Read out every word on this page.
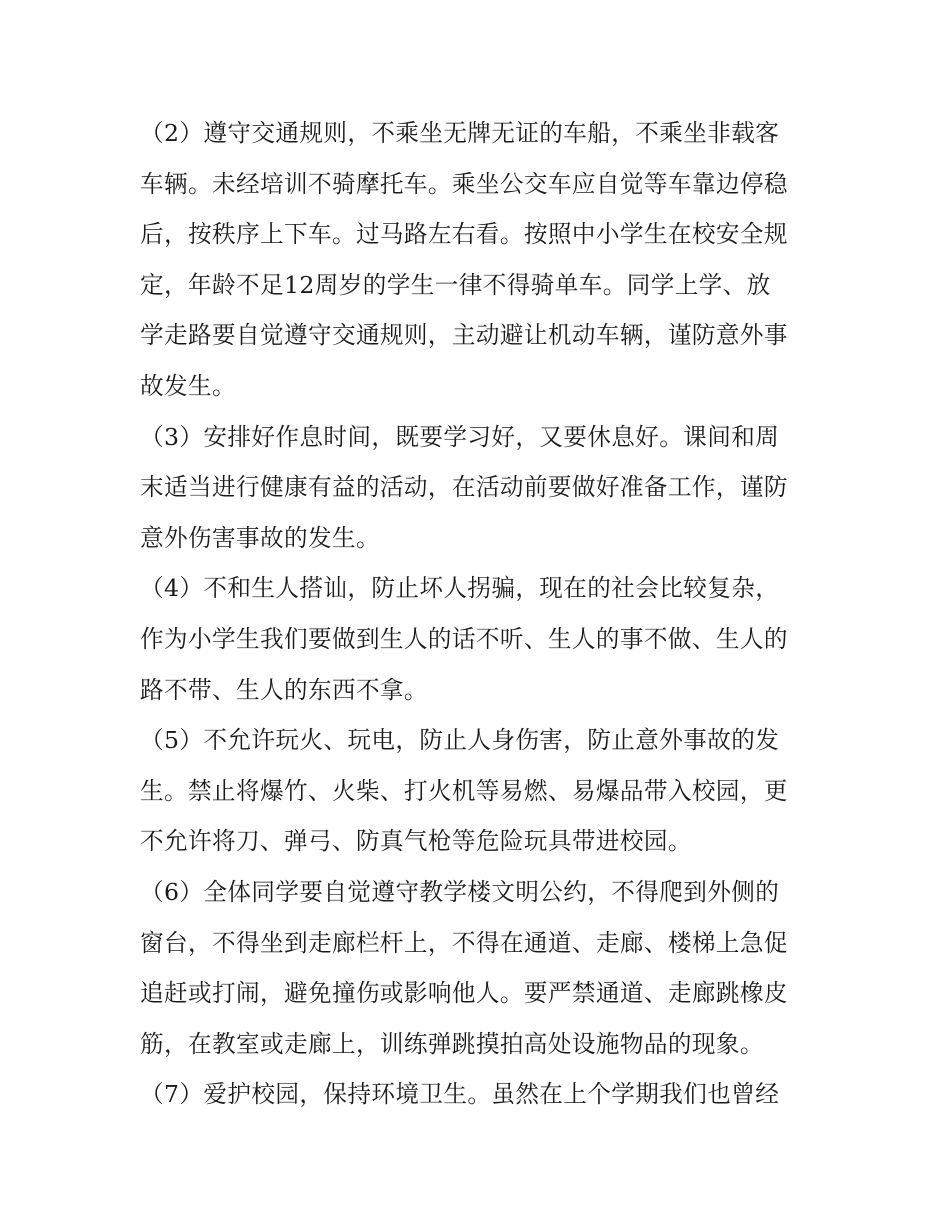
（2）遵守交通规则，不乘坐无牌无证的车船，不乘坐非载客
车辆。未经培训不骑摩托车。乘坐公交车应自觉等车靠边停稳
后，按秩序上下车。过马路左右看。按照中小学生在校安全规
定，年龄不足12周岁的学生一律不得骑单车。同学上学、放
学走路要自觉遵守交通规则，主动避让机动车辆，谨防意外事
故发生。
（3）安排好作息时间，既要学习好，又要休息好。课间和周
末适当进行健康有益的活动，在活动前要做好准备工作，谨防
意外伤害事故的发生。
（4）不和生人搭讪，防止坏人拐骗，现在的社会比较复杂，
作为小学生我们要做到生人的话不听、生人的事不做、生人的
路不带、生人的东西不拿。
（5）不允许玩火、玩电，防止人身伤害，防止意外事故的发
生。禁止将爆竹、火柴、打火机等易燃、易爆品带入校园，更
不允许将刀、弹弓、防真气枪等危险玩具带进校园。
（6）全体同学要自觉遵守教学楼文明公约，不得爬到外侧的
窗台，不得坐到走廊栏杆上，不得在通道、走廊、楼梯上急促
追赶或打闹，避免撞伤或影响他人。要严禁通道、走廊跳橡皮
筋，在教室或走廊上，训练弹跳摸拍高处设施物品的现象。
（7）爱护校园，保持环境卫生。虽然在上个学期我们也曾经
